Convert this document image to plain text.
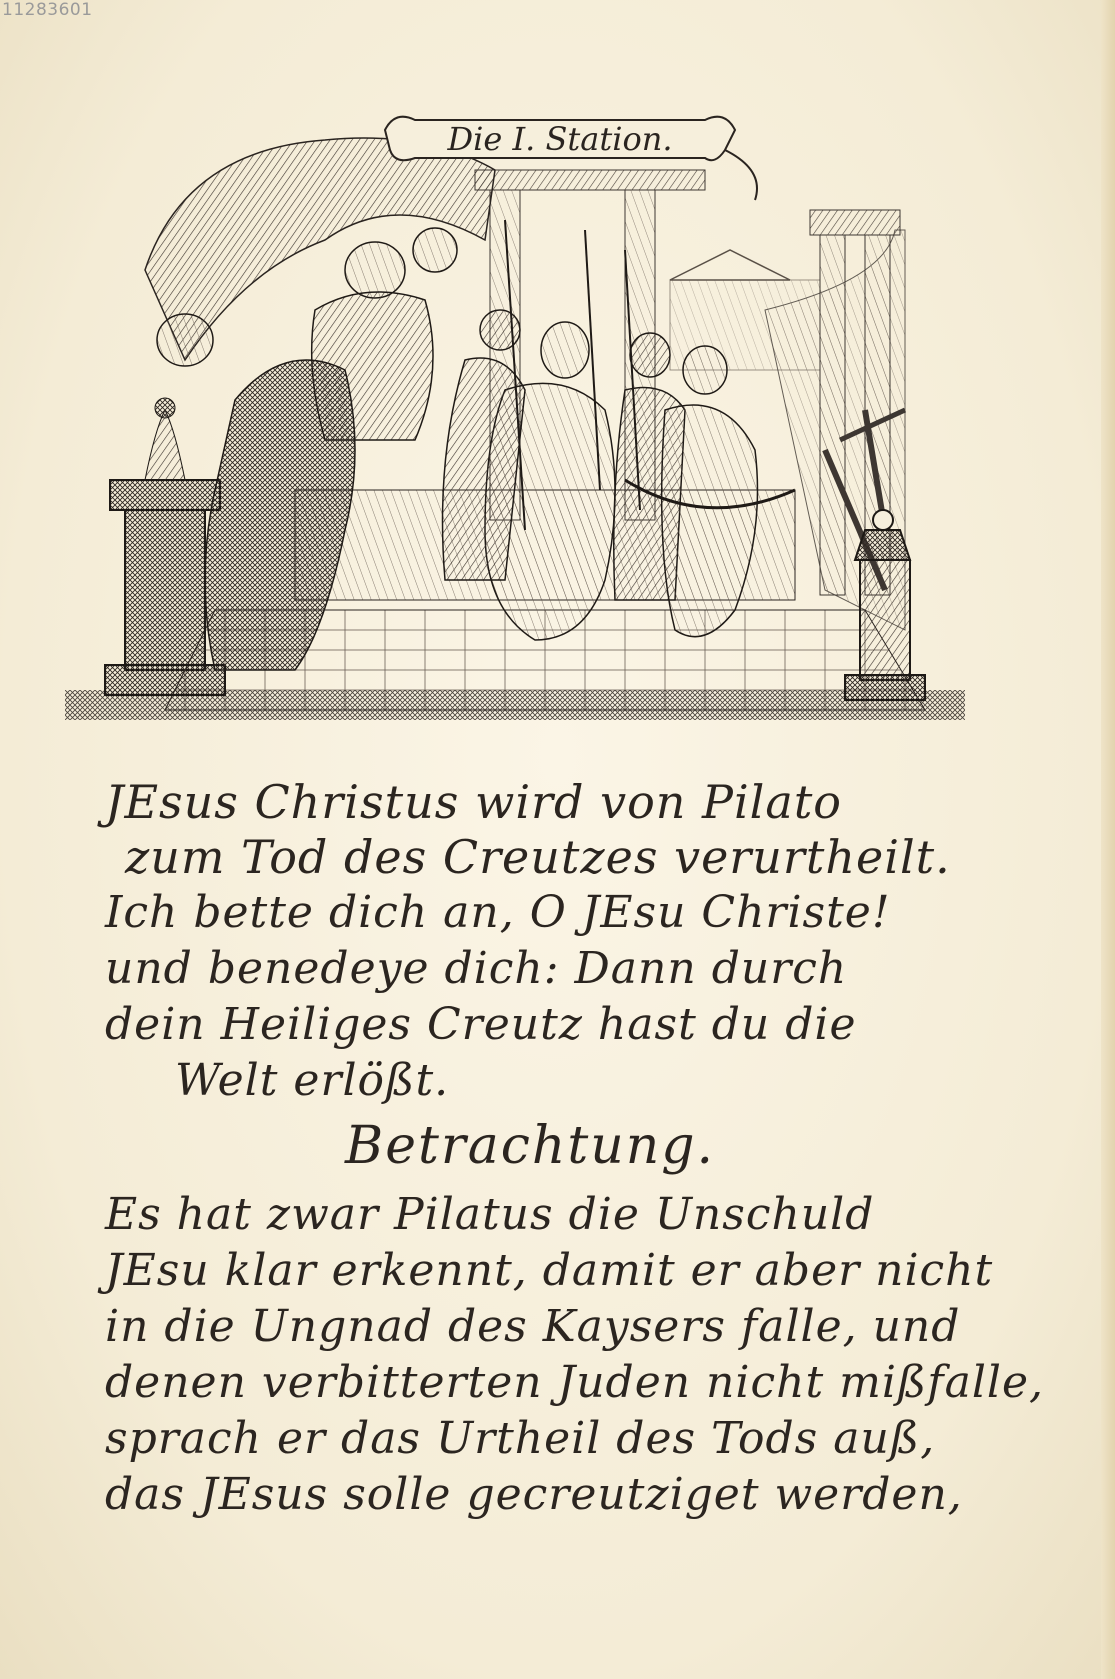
11283601
Die I. Station.
JEsus Christus wird von Pilato
zum Tod des Creutzes verurtheilt.
Ich bette dich an, O JEsu Christe!
und benedeye dich: Dann durch
dein Heiliges Creutz hast du die
Welt erlößt.
Betrachtung.
Es hat zwar Pilatus die Unschuld
JEsu klar erkennt, damit er aber nicht
in die Ungnad des Kaysers falle, und
denen verbitterten Juden nicht mißfalle,
sprach er das Urtheil des Tods auß,
das JEsus solle gecreutziget werden,
